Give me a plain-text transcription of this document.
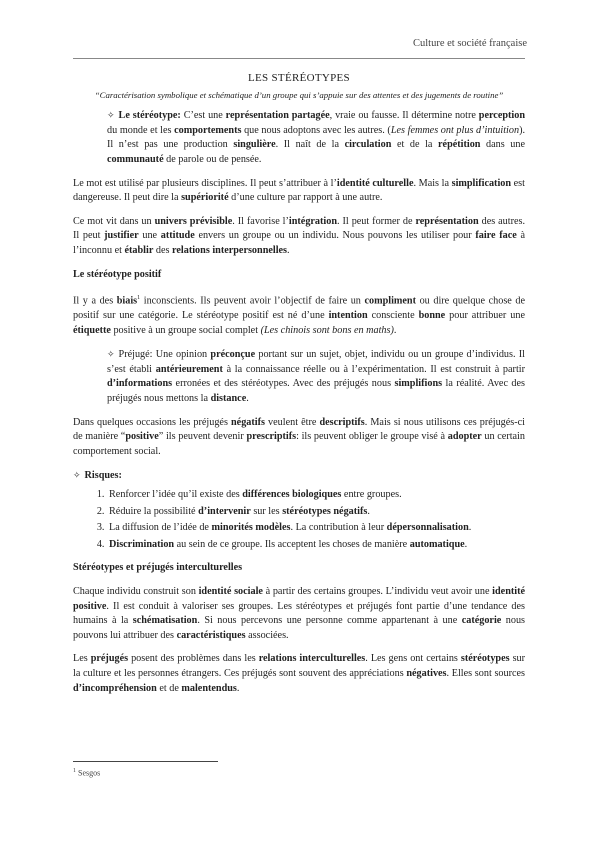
Culture et société française
LES STÉRÉOTYPES
“Caractérisation symbolique et schématique d’un groupe qui s’appuie sur des attentes et des jugements de routine”

✧ Le stéréotype: C’est une représentation partagée, vraie ou fausse. Il détermine notre perception du monde et les comportements que nous adoptons avec les autres. (Les femmes ont plus d’intuition). Il n’est pas une production singulière. Il naît de la circulation et de la répétition dans une communauté de parole ou de pensée.

Le mot est utilisé par plusieurs disciplines. Il peut s’attribuer à l’identité culturelle. Mais la simplification est dangereuse. Il peut dire la supériorité d’une culture par rapport à une autre.

Ce mot vit dans un univers prévisible. Il favorise l’intégration. Il peut former de représentation des autres. Il peut justifier une attitude envers un groupe ou un individu. Nous pouvons les utiliser pour faire face à l’inconnu et établir des relations interpersonnelles.

Le stéréotype positif

Il y a des biais$^1$ inconscients. Ils peuvent avoir l’objectif de faire un compliment ou dire quelque chose de positif sur une catégorie. Le stéréotype positif est né d’une intention consciente bonne pour attribuer une étiquette positive à un groupe social complet (Les chinois sont bons en maths).

✧ Préjugé: Une opinion préconçue portant sur un sujet, objet, individu ou un groupe d’individus. Il s’est établi antérieurement à la connaissance réelle ou à l’expérimentation. Il est construit à partir d’informations erronées et des stéréotypes. Avec des préjugés nous simplifions la réalité. Avec des préjugés nous mettons la distance.

Dans quelques occasions les préjugés négatifs veulent être descriptifs. Mais si nous utilisons ces préjugés-ci de manière “positive” ils peuvent devenir prescriptifs: ils peuvent obliger le groupe visé à adopter un certain comportement social.

✧ Risques:

1. Renforcer l’idée qu’il existe des différences biologiques entre groupes.
2. Réduire la possibilité d’intervenir sur les stéréotypes négatifs.
3. La diffusion de l’idée de minorités modèles. La contribution à leur dépersonnalisation.
4. Discrimination au sein de ce groupe. Ils acceptent les choses de manière automatique.
Stéréotypes et préjugés interculturelles

Chaque individu construit son identité sociale à partir des certains groupes. L’individu veut avoir une identité positive. Il est conduit à valoriser ses groupes. Les stéréotypes et préjugés font partie d’une tendance des humains à la schématisation. Si nous percevons une personne comme appartenant à une catégorie nous pouvons lui attribuer des caractéristiques associées.

Les préjugés posent des problèmes dans les relations interculturelles. Les gens ont certains stéréotypes sur la culture et les personnes étrangers. Ces préjugés sont souvent des appréciations négatives. Elles sont sources d’incompréhension et de malentendus.

$^1$ Sesgos
